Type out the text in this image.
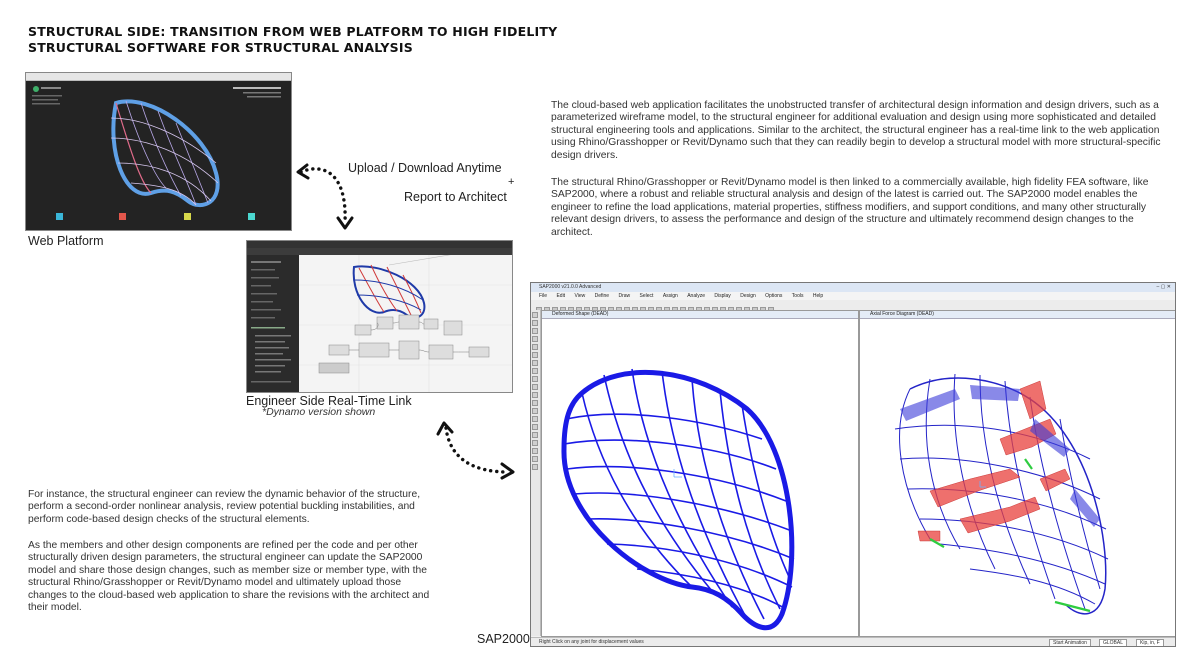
STRUCTURAL SIDE: TRANSITION FROM WEB PLATFORM TO HIGH FIDELITY
STRUCTURAL SOFTWARE FOR STRUCTURAL ANALYSIS
Web Platform
Upload / Download Anytime
+
Report to Architect
Engineer Side Real-Time Link
*Dynamo version shown
The cloud-based web application facilitates the unobstructed transfer of architectural design information and design drivers, such as a parameterized wireframe model, to the structural engineer for additional evaluation and design using more sophisticated and detailed structural engineering tools and applications. Similar to the architect, the structural engineer has a real-time link to the web application using Rhino/Grasshopper or Revit/Dynamo such that they can readily begin to develop a structural model with more structural-specific design drivers.
The structural Rhino/Grasshopper or Revit/Dynamo model is then linked to a commercially available, high fidelity FEA software, like SAP2000, where a robust and reliable structural analysis and design of the latest is carried out. The SAP2000 model enables the engineer to refine the load applications, material properties, stiffness modifiers, and support conditions, and many other structurally relevant design drivers, to assess the performance and design of the structure and ultimately recommend design changes to the architect.
For instance, the structural engineer can review the dynamic behavior of the structure, perform a second-order nonlinear analysis, review potential buckling instabilities, and perform code-based design checks of the structural elements.
As the members and other design components are refined per the code and per other structurally driven design parameters, the structural engineer can update the SAP2000 model and share those design changes, such as member size or member type, with the structural Rhino/Grasshopper or Revit/Dynamo model and ultimately upload those changes to the cloud-based web application to share the revisions with the architect and their model.
SAP2000
SAP2000 v21.0.0 Advanced	– ▢ ✕
File Edit View Define Draw Select Assign Analyze Display Design Options Tools Help
Deformed Shape (DEAD)	Axial Force Diagram (DEAD)
Right Click on any joint for displacement values	Start Animation	GLOBAL	Kip, in, F
